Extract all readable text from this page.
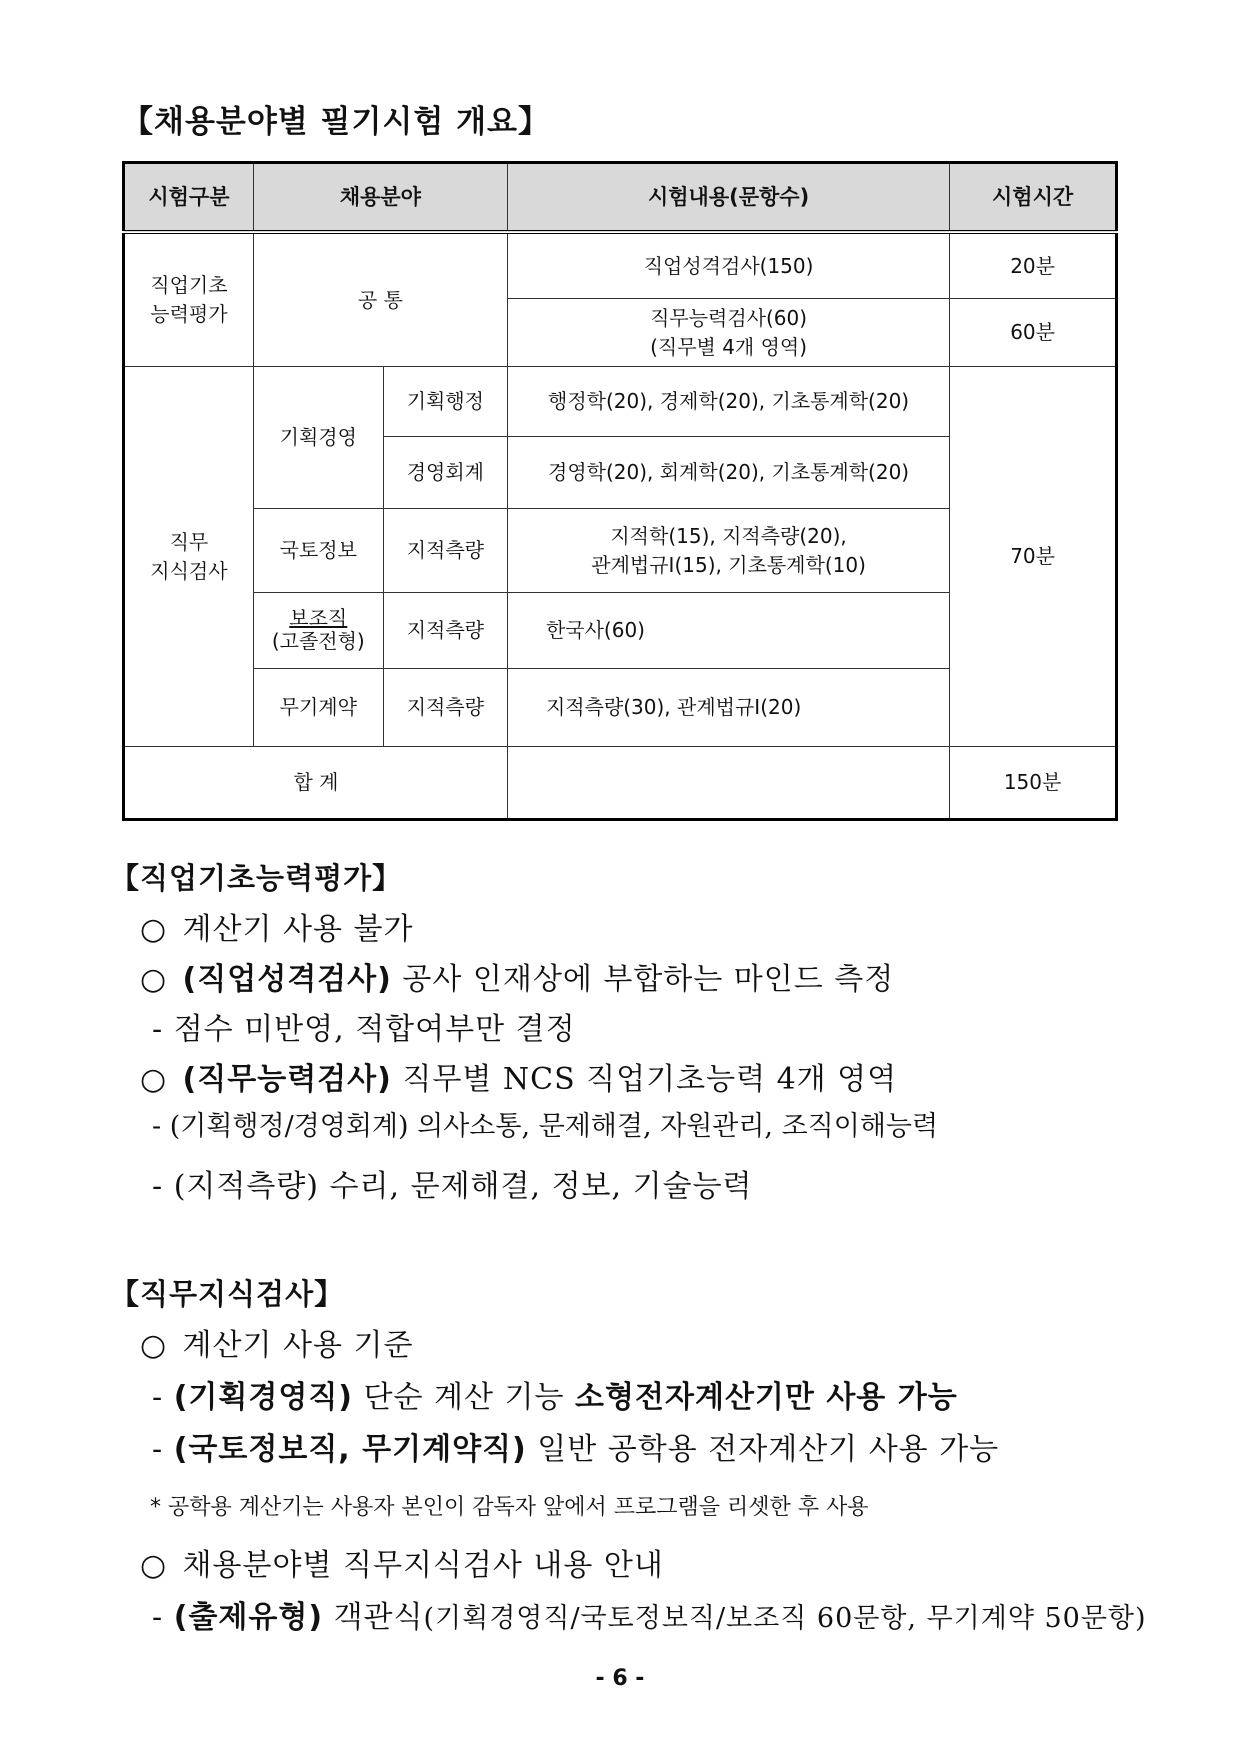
【채용분야별 필기시험 개요】
시험구분	채용분야		시험내용(문항수)	시험시간

직업기초
능력평가	공 통		직업성격검사(150)	20분

			직무능력검사(60)
(직무별 4개 영역)	60분

직무
지식검사	기획경영	기획행정	행정학(20), 경제학(20), 기초통계학(20)	70분
		경영회계	경영학(20), 회계학(20), 기초통계학(20)	
	국토정보	지적측량	지적학(15), 지적측량(20),
관계법규Ⅰ(15), 기초통계학(10)	

	보조직
(고졸전형)	지적측량	한국사(60)	
	무기계약	지적측량	지적측량(30), 관계법규Ⅰ(20)	
합 계				150분
【직업기초능력평가】
○ 계산기 사용 불가
○ (직업성격검사) 공사 인재상에 부합하는 마인드 측정
- 점수 미반영, 적합여부만 결정
○ (직무능력검사) 직무별 NCS 직업기초능력 4개 영역
- (기획행정/경영회계) 의사소통, 문제해결, 자원관리, 조직이해능력
- (지적측량) 수리, 문제해결, 정보, 기술능력
【직무지식검사】
○ 계산기 사용 기준
- (기획경영직) 단순 계산 기능 소형전자계산기만 사용 가능
- (국토정보직, 무기계약직) 일반 공학용 전자계산기 사용 가능
* 공학용 계산기는 사용자 본인이 감독자 앞에서 프로그램을 리셋한 후 사용
○ 채용분야별 직무지식검사 내용 안내
- (출제유형) 객관식(기획경영직/국토정보직/보조직 60문항, 무기계약 50문항)
- 6 -
